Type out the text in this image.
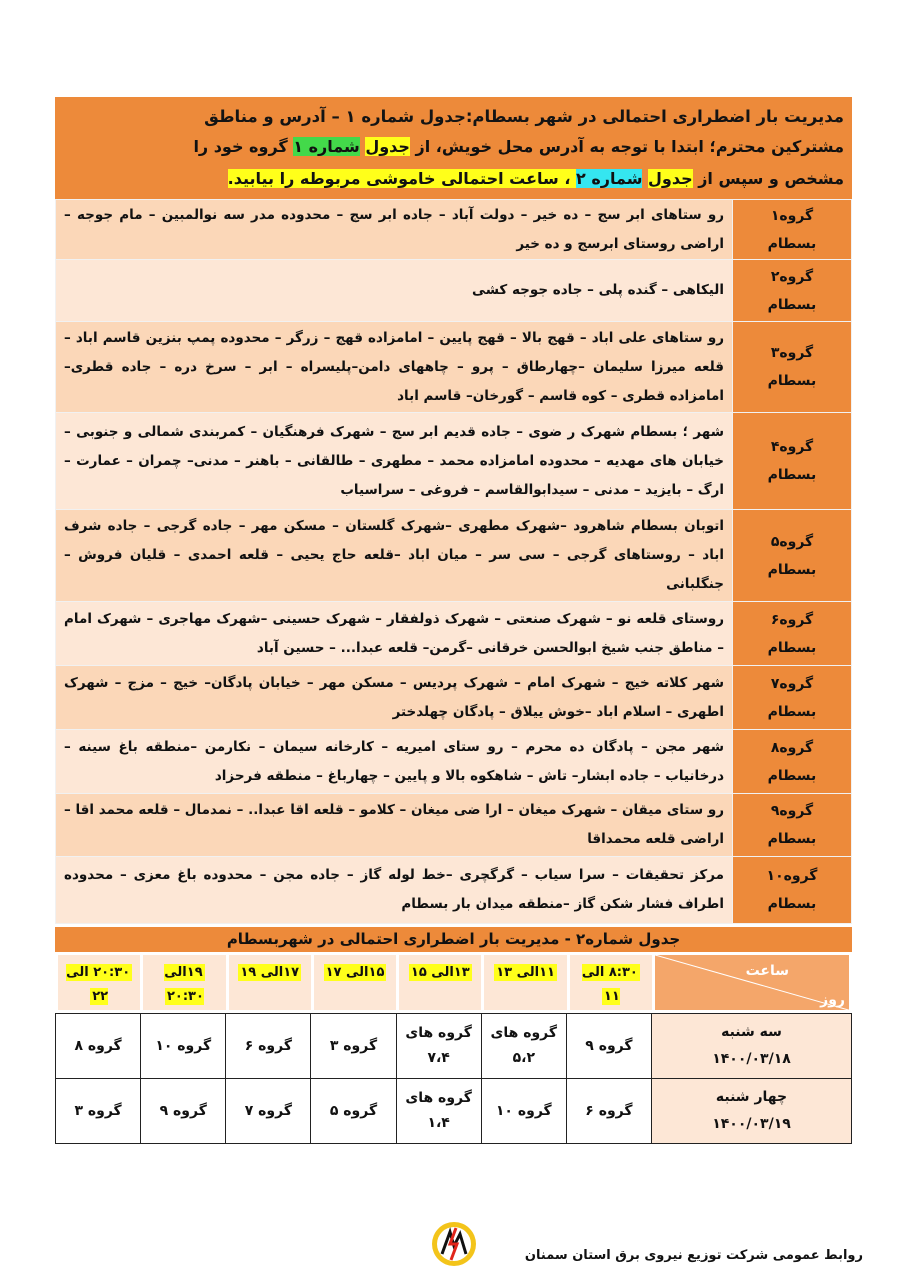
مدیریت بار اضطراری احتمالی در شهر بسطام:جدول شماره ۱ – آدرس و مناطق
مشترکین محترم؛ ابتدا با توجه به آدرس محل خویش، از جدول شماره ۱ گروه خود را
مشخص و سپس از جدول شماره ۲ ، ساعت احتمالی خاموشی مربوطه را بیابید.
گروه۱
بسطام	رو ستاهای ابر سج – ده خیر – دولت آباد – جاده ابر سج – محدوده مدر سه نوالمبین – مام جوجه – اراضی روستای ابرسج و ده خیر

گروه۲
بسطام	الیکاهی – گنده پلی – جاده جوجه کشی

گروه۳
بسطام	رو ستاهای علی اباد – قهج بالا – قهج پایین – امامزاده قهج – زرگر – محدوده پمپ بنزین قاسم اباد – قلعه میرزا سلیمان –چهارطاق – پرو – چاههای دامن–پلیسراه – ابر – سرخ دره – جاده قطری– امامزاده قطری – کوه قاسم – گورخان– قاسم اباد

گروه۴
بسطام	شهر ؛ بسطام شهرک ر ضوی – جاده قدیم ابر سج – شهرک فرهنگیان – کمربندی شمالی و جنوبی – خیابان های مهدیه – محدوده امامزاده محمد – مطهری – طالقانی – باهنر – مدنی– چمران – عمارت – ارگ – بایزید – مدنی – سیدابوالقاسم – فروغی – سراسیاب

گروه۵
بسطام	اتوبان بسطام شاهرود –شهرک مطهری –شهرک گلستان – مسکن مهر – جاده گرجی – جاده شرف اباد – روستاهای گرجی – سی سر – میان اباد –قلعه حاج یحیی – قلعه احمدی – قلیان فروش – جنگلبانی

گروه۶
بسطام	روستای قلعه نو – شهرک صنعتی – شهرک ذولفقار – شهرک حسینی –شهرک مهاجری – شهرک امام – مناطق جنب شیخ ابوالحسن خرقانی –گرمن– قلعه عبدا... – حسین آباد

گروه۷
بسطام	شهر کلاته خیج – شهرک امام – شهرک پردیس – مسکن مهر – خیابان پادگان– خیج – مزج – شهرک اطهری – اسلام اباد –خوش ییلاق – پادگان چهلدختر

گروه۸
بسطام	شهر مجن – پادگان ده محرم – رو ستای امیریه – کارخانه سیمان – نکارمن –منطقه باغ سینه – درخانیاب – جاده ابشار– تاش – شاهکوه بالا و پایین – چهارباغ – منطقه فرحزاد

گروه۹
بسطام	رو ستای میقان – شهرک میغان – ارا ضی میغان – کلامو – قلعه اقا عبدا.. – نمدمال – قلعه محمد اقا –اراضی قلعه محمداقا

گروه۱۰
بسطام	مرکز تحقیقات – سرا سیاب – گرگچری –خط لوله گاز – جاده مجن – محدوده باغ معزی – محدوده اطراف فشار شکن گاز –منطقه میدان بار بسطام
جدول شماره۲ - مدیریت بار اضطراری احتمالی در شهربسطام
ساعت
روز
	۸:۳۰ الی ۱۱	۱۱الی ۱۳	۱۳الی ۱۵	۱۵الی ۱۷	۱۷الی ۱۹	۱۹الی ۲۰:۳۰	۲۰:۳۰ الی ۲۲
سه شنبه
۱۴۰۰/۰۳/۱۸	گروه ۹	گروه های ۵،۲	گروه های ۷،۴	گروه ۳	گروه ۶	گروه ۱۰	گروه ۸

چهار شنبه
۱۴۰۰/۰۳/۱۹	گروه ۶	گروه ۱۰	گروه های ۱،۴	گروه ۵	گروه ۷	گروه ۹	گروه ۳
روابط عمومی شرکت توزیع نیروی برق استان سمنان
